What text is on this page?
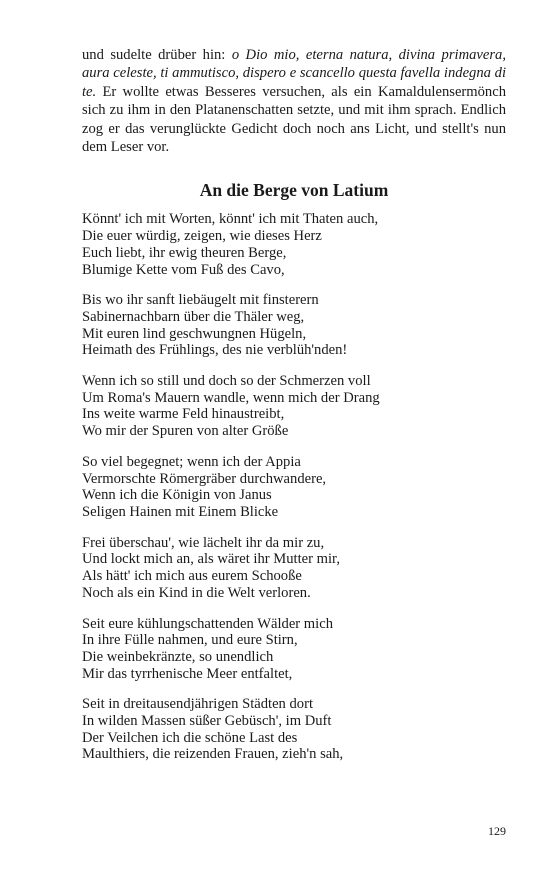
und sudelte drüber hin: o Dio mio, eterna natura, divina primavera, aura celeste, ti ammutisco, dispero e scancello questa favella indegna di te. Er wollte etwas Besseres versuchen, als ein Kamaldulensermönch sich zu ihm in den Platanenschatten setzte, und mit ihm sprach. Endlich zog er das verunglückte Gedicht doch noch ans Licht, und stellt's nun dem Leser vor.

An die Berge von Latium
Könnt' ich mit Worten, könnt' ich mit Thaten auch,
Die euer würdig, zeigen, wie dieses Herz
Euch liebt, ihr ewig theuren Berge,
Blumige Kette vom Fuß des Cavo,
Bis wo ihr sanft liebäugelt mit finsterern
Sabinernachbarn über die Thäler weg,
Mit euren lind geschwungnen Hügeln,
Heimath des Frühlings, des nie verblüh'nden!
Wenn ich so still und doch so der Schmerzen voll
Um Roma's Mauern wandle, wenn mich der Drang
Ins weite warme Feld hinaustreibt,
Wo mir der Spuren von alter Größe
So viel begegnet; wenn ich der Appia
Vermorschte Römergräber durchwandere,
Wenn ich die Königin von Janus
Seligen Hainen mit Einem Blicke
Frei überschau', wie lächelt ihr da mir zu,
Und lockt mich an, als wäret ihr Mutter mir,
Als hätt' ich mich aus eurem Schooße
Noch als ein Kind in die Welt verloren.
Seit eure kühlungschattenden Wälder mich
In ihre Fülle nahmen, und eure Stirn,
Die weinbekränzte, so unendlich
Mir das tyrrhenische Meer entfaltet,
Seit in dreitausendjährigen Städten dort
In wilden Massen süßer Gebüsch', im Duft
Der Veilchen ich die schöne Last des
Maulthiers, die reizenden Frauen, zieh'n sah,
129
